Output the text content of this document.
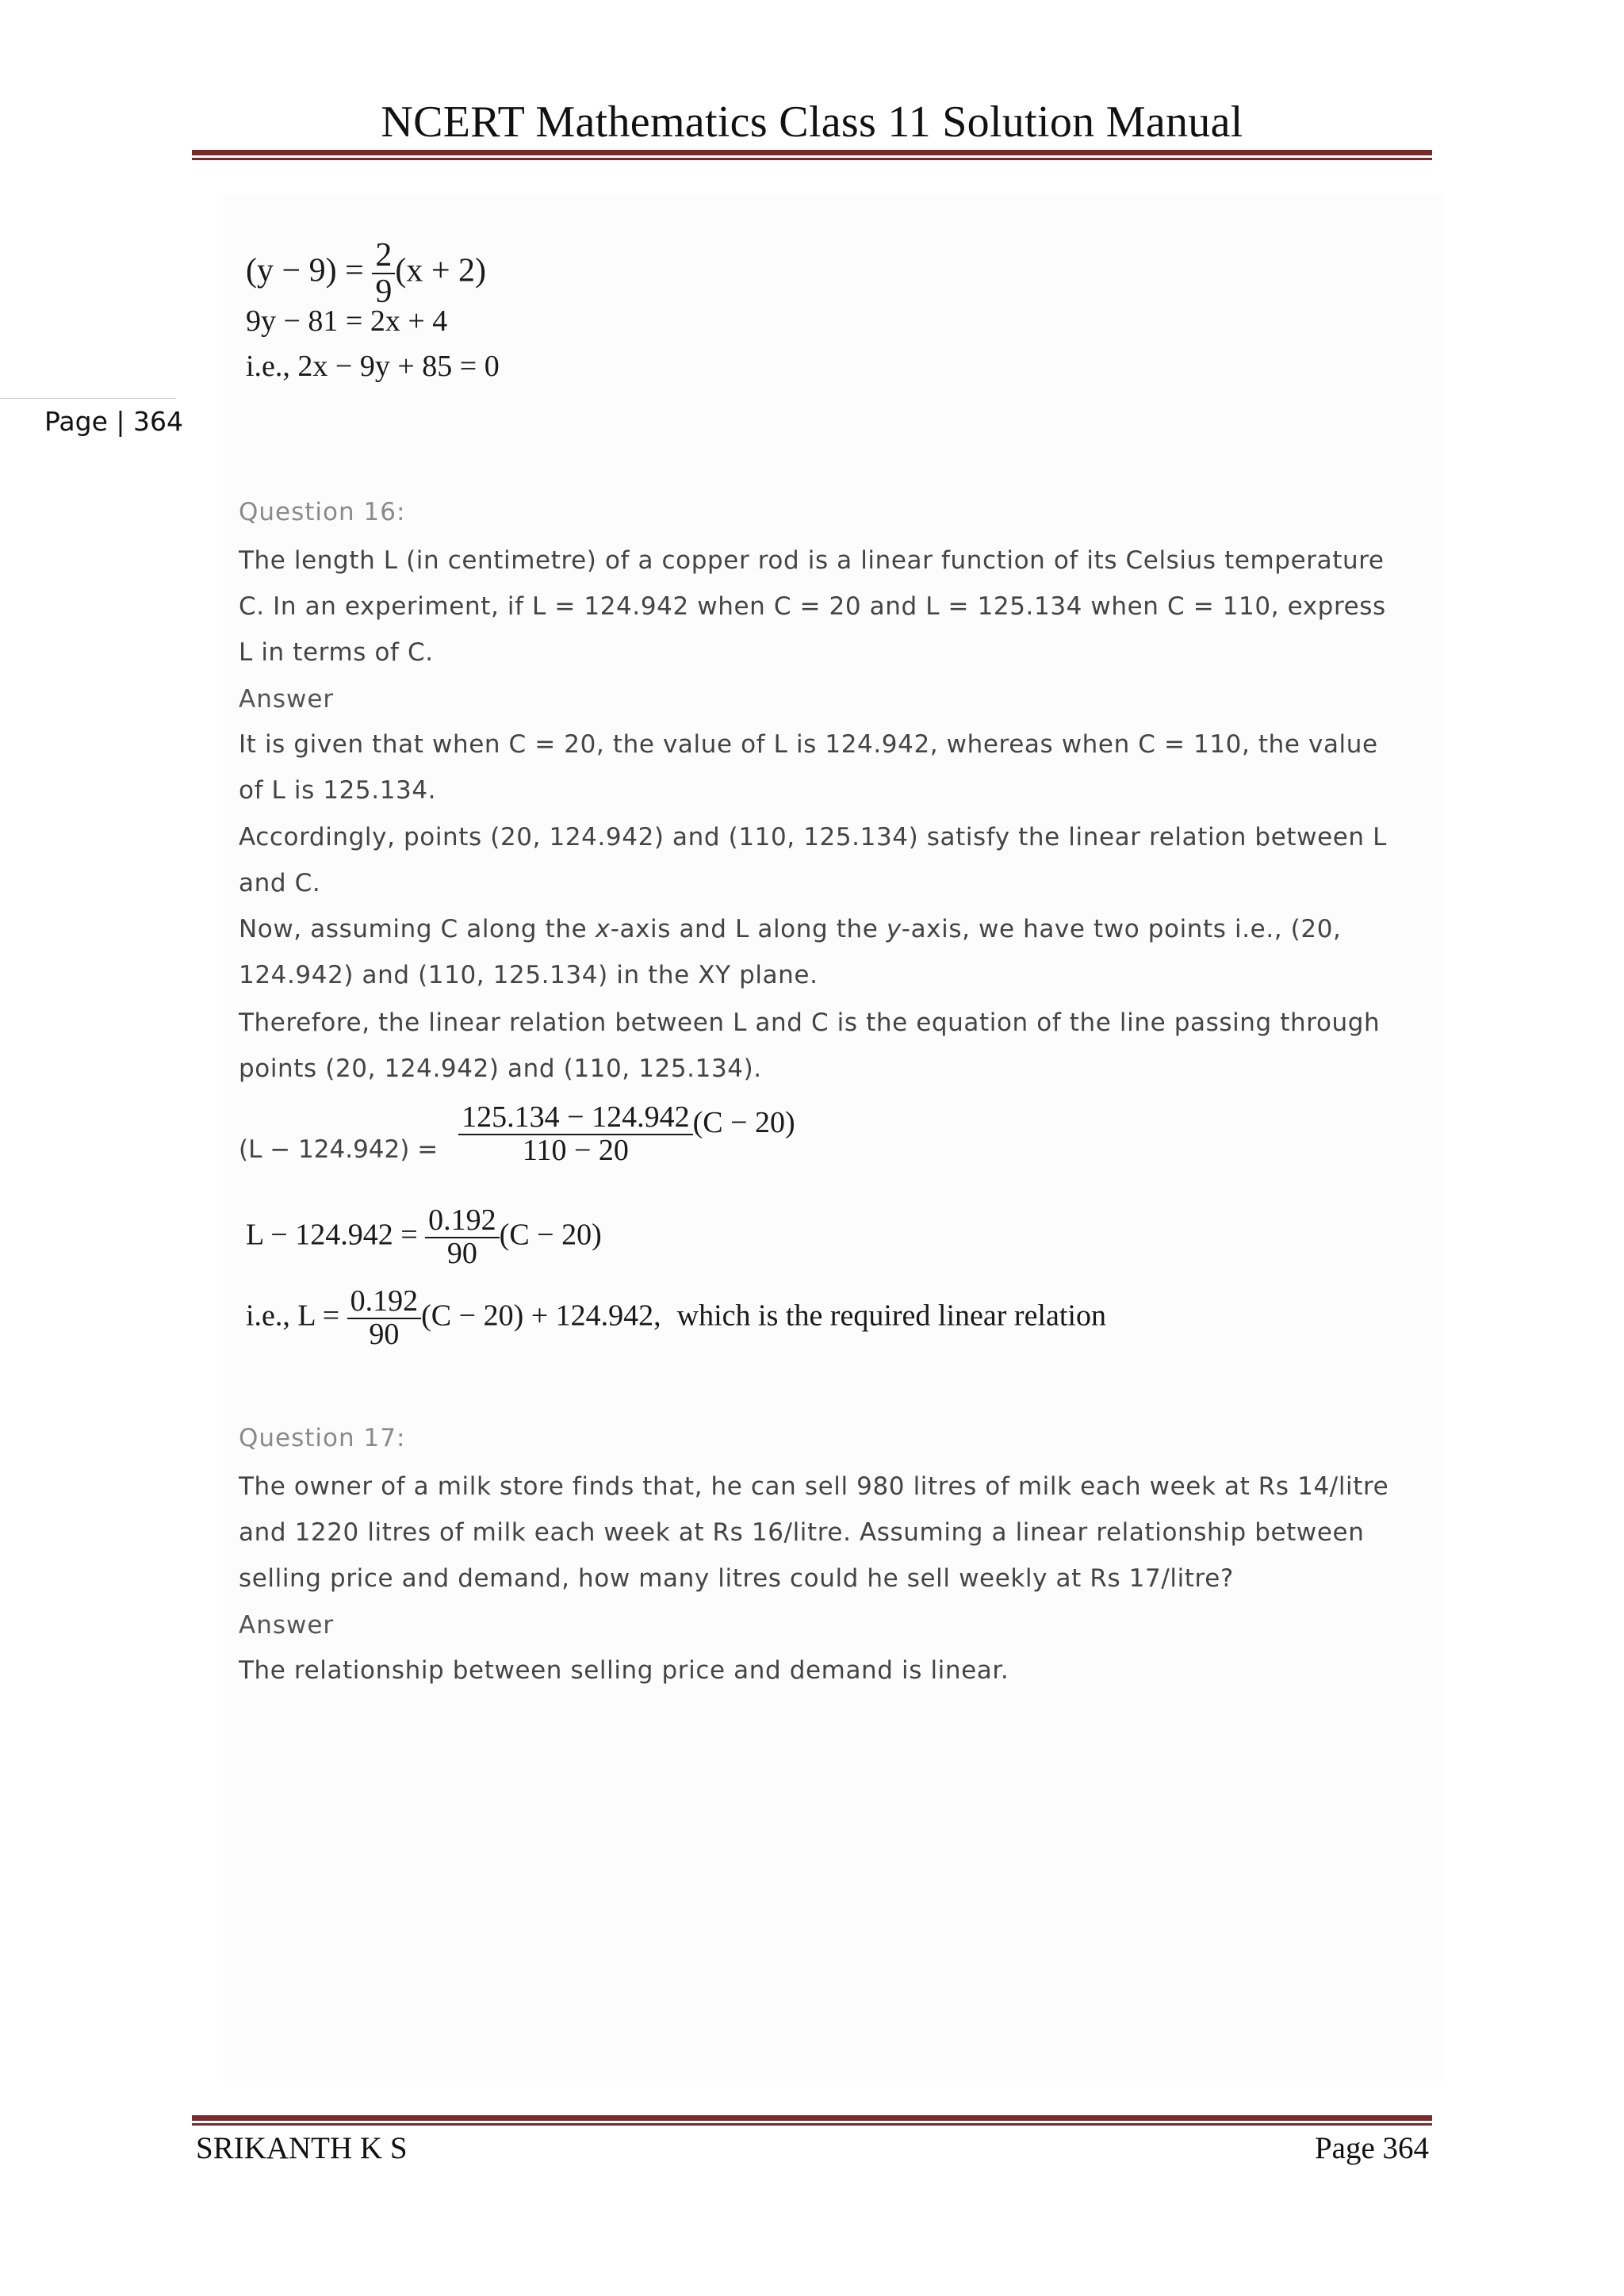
NCERT Mathematics Class 11 Solution Manual
Page | 364
$(y - 9) = \frac{2}{9} (x + 2)$
9y − 81 = 2x + 4
i.e., 2x − 9y + 85 = 0
Question 16:

The length L (in centimetre) of a copper rod is a linear function of its Celsius temperature C. In an experiment, if L = 124.942 when C = 20 and L = 125.134 when C = 110, express L in terms of C.

Answer

It is given that when C = 20, the value of L is 124.942, whereas when C = 110, the value of L is 125.134.

Accordingly, points (20, 124.942) and (110, 125.134) satisfy the linear relation between L and C.

Now, assuming C along the x-axis and L along the y-axis, we have two points i.e., (20, 124.942) and (110, 125.134) in the XY plane.

Therefore, the linear relation between L and C is the equation of the line passing through points (20, 124.942) and (110, 125.134).

$(L - 124.942) = \frac{125.134 - 124.942}{110 - 20} (C - 20)$
$L - 124.942 = \frac{0.192}{90} (C - 20)$
i.e., $L = \frac{0.192}{90} (C - 20) + 124.942$, which is the required linear relation
Question 17:

The owner of a milk store finds that, he can sell 980 litres of milk each week at Rs 14/litre and 1220 litres of milk each week at Rs 16/litre. Assuming a linear relationship between selling price and demand, how many litres could he sell weekly at Rs 17/litre?

Answer

The relationship between selling price and demand is linear.

SRIKANTH K S	Page 364
